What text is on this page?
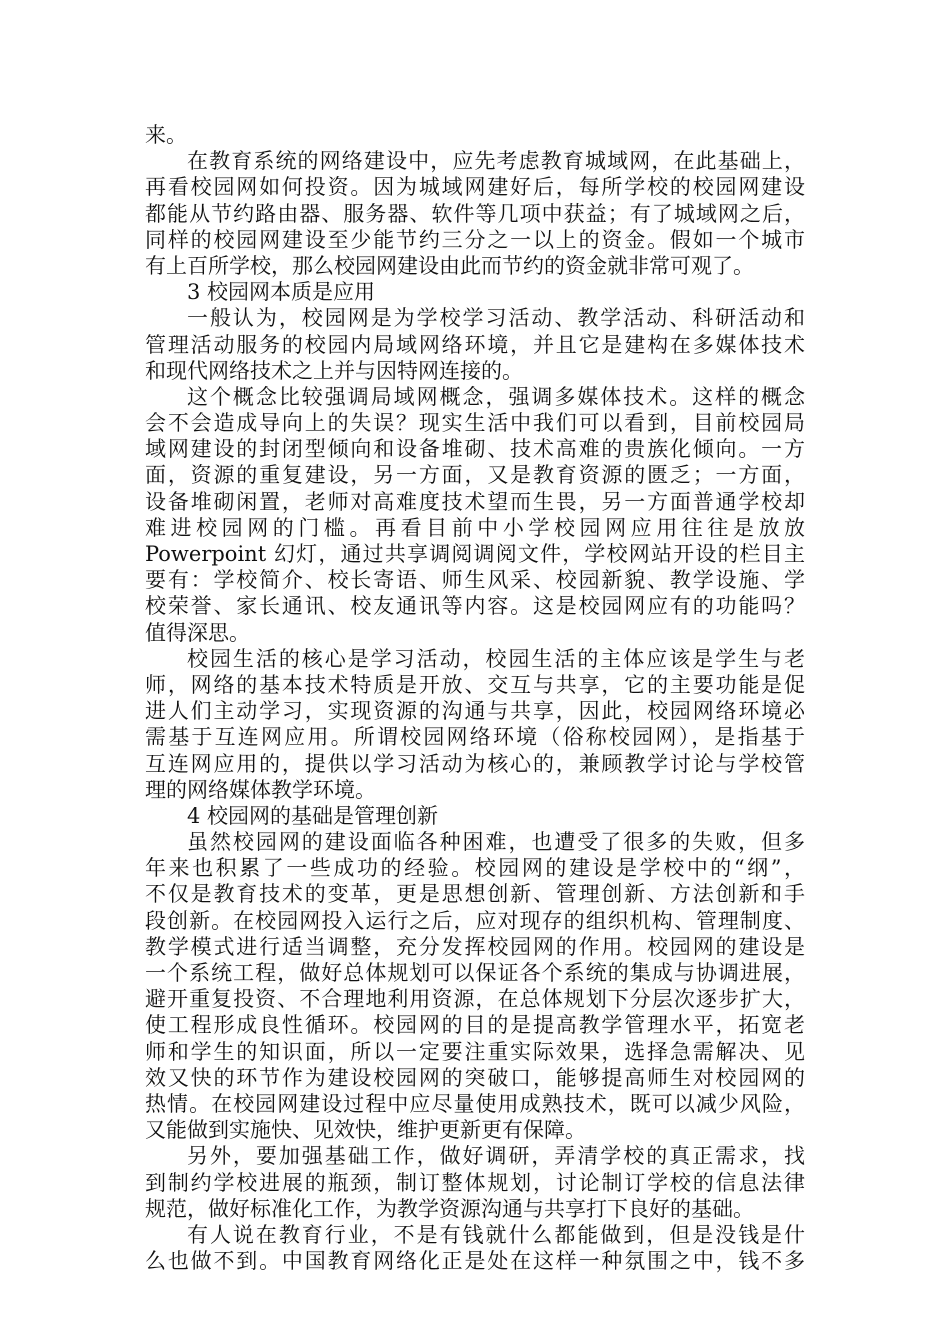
来。
在教育系统的网络建设中，应先考虑教育城域网，在此基础上，
再看校园网如何投资。因为城域网建好后，每所学校的校园网建设
都能从节约路由器、服务器、软件等几项中获益；有了城域网之后，
同样的校园网建设至少能节约三分之一以上的资金。假如一个城市
有上百所学校，那么校园网建设由此而节约的资金就非常可观了。
3 校园网本质是应用
一般认为，校园网是为学校学习活动、教学活动、科研活动和
管理活动服务的校园内局域网络环境，并且它是建构在多媒体技术
和现代网络技术之上并与因特网连接的。
这个概念比较强调局域网概念，强调多媒体技术。这样的概念
会不会造成导向上的失误？现实生活中我们可以看到，目前校园局
域网建设的封闭型倾向和设备堆砌、技术高难的贵族化倾向。一方
面，资源的重复建设，另一方面，又是教育资源的匮乏；一方面，
设备堆砌闲置，老师对高难度技术望而生畏，另一方面普通学校却
难进校园网的门槛。再看目前中小学校园网应用往往是放放
Powerpoint 幻灯，通过共享调阅调阅文件，学校网站开设的栏目主
要有：学校简介、校长寄语、师生风采、校园新貌、教学设施、学
校荣誉、家长通讯、校友通讯等内容。这是校园网应有的功能吗？
值得深思。
校园生活的核心是学习活动，校园生活的主体应该是学生与老
师，网络的基本技术特质是开放、交互与共享，它的主要功能是促
进人们主动学习，实现资源的沟通与共享，因此，校园网络环境必
需基于互连网应用。所谓校园网络环境（俗称校园网），是指基于
互连网应用的，提供以学习活动为核心的，兼顾教学讨论与学校管
理的网络媒体教学环境。
4 校园网的基础是管理创新
虽然校园网的建设面临各种困难，也遭受了很多的失败，但多
年来也积累了一些成功的经验。校园网的建设是学校中的“纲”，
不仅是教育技术的变革，更是思想创新、管理创新、方法创新和手
段创新。在校园网投入运行之后，应对现存的组织机构、管理制度、
教学模式进行适当调整，充分发挥校园网的作用。校园网的建设是
一个系统工程，做好总体规划可以保证各个系统的集成与协调进展，
避开重复投资、不合理地利用资源，在总体规划下分层次逐步扩大，
使工程形成良性循环。校园网的目的是提高教学管理水平，拓宽老
师和学生的知识面，所以一定要注重实际效果，选择急需解决、见
效又快的环节作为建设校园网的突破口，能够提高师生对校园网的
热情。在校园网建设过程中应尽量使用成熟技术，既可以减少风险，
又能做到实施快、见效快，维护更新更有保障。
另外，要加强基础工作，做好调研，弄清学校的真正需求，找
到制约学校进展的瓶颈，制订整体规划，讨论制订学校的信息法律
规范，做好标准化工作，为教学资源沟通与共享打下良好的基础。
有人说在教育行业，不是有钱就什么都能做到，但是没钱是什
么也做不到。中国教育网络化正是处在这样一种氛围之中，钱不多
